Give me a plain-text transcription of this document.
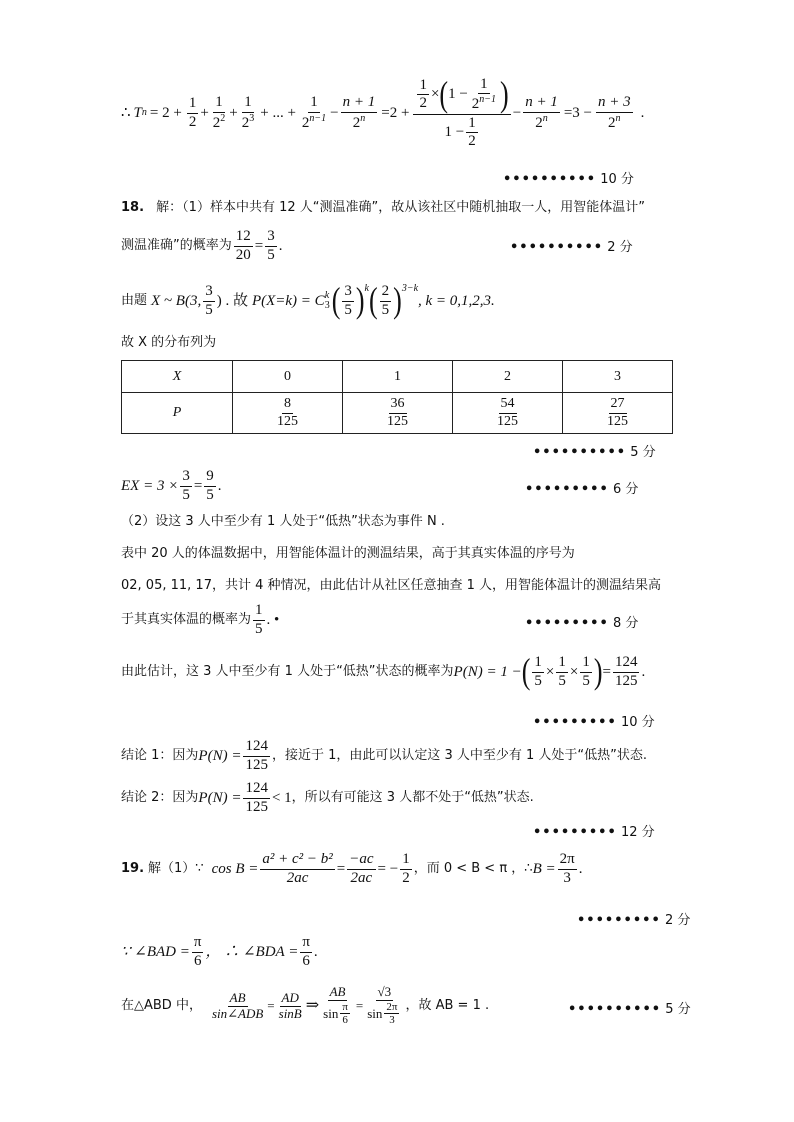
∴ T $n = 2 + \frac{1}{2} + \frac{1}{2^2} + \frac{1}{2^3}$ + ... + $\frac{1}{2^{n-1}} - \frac{n + 1}{2^n} =2 + \frac{\frac{1}{2} \times ( 1 - \frac{1}{2^{n-1}} )}{1 - \frac{1}{2}} - \frac{n + 1}{2^n} =3 - \frac{n + 3}{2^n}$ .
•••••••••• 10 分
18. 解：（1）样本中共有 12 人“测温准确”，故从该社区中随机抽取一人，用智能体温计”
测温准确”的概率为 $\frac{12}{20} = \frac{3}{5}$ .	•••••••••• 2 分
由题 X ~ B(3, $\frac{3}{5}$ ) . 故 P(X=k) = C k
3 ( $\frac{3}{5} )^k$ ( $\frac{2}{5} )^{3-k}$
, k = 0,1,2,3.
故 X 的分布列为
X	0	1	2	3
P	$\frac{8}{125}$	$\frac{36}{125}$	$\frac{54}{125}$	$\frac{27}{125}$
•••••••••• 5 分
EX = $3 \times \frac{3}{5} = \frac{9}{5}$ .	••••••••• 6 分
（2）设这 3 人中至少有 1 人处于“低热”状态为事件 N .
表中 20 人的体温数据中，用智能体温计的测温结果，高于其真实体温的序号为
02, 05, 11, 17，共计 4 种情况，由此估计从社区任意抽查 1 人，用智能体温计的测温结果高
于其真实体温的概率为 $\frac{1}{5}$ . •	••••••••• 8 分
由此估计，这 3 人中至少有 1 人处于“低热”状态的概率为 P(N) = 1 − ( $\frac{1}{5} \times \frac{1}{5} \times \frac{1}{5}$ ) = $\frac{124}{125}$ .
••••••••• 10 分
结论 1：因为 $P(N) = \frac{124}{125}$ ，接近于 1，由此可以认定这 3 人中至少有 1 人处于“低热”状态.
结论 2：因为 $P(N) = \frac{124}{125} < 1$ ，所以有可能这 3 人都不处于“低热”状态.
••••••••• 12 分
19. 解（1）∵ $\cos B = \frac{\text{a² + c² − b²}}{2ac} = \frac{-ac}{2ac}$ = − $\frac{1}{2}$ ，而 0 < B < π ，∴ $B = \frac{2\pi}{3}$ .
••••••••• 2 分
∵ ∠BAD = $\frac{\pi}{6}$ ， ∴ ∠BDA = $\frac{\pi}{6}$ .
在△ABD 中， $\frac{AB}{\text{sin∠ADB}} = \frac{AD}{\sin B}$ ⇒ $\frac{AB}{\sin \frac{\pi}{6}} = \frac{√3}{\sin \frac{2\pi}{3}}$ ，故 AB = 1 .	•••••••••• 5 分
